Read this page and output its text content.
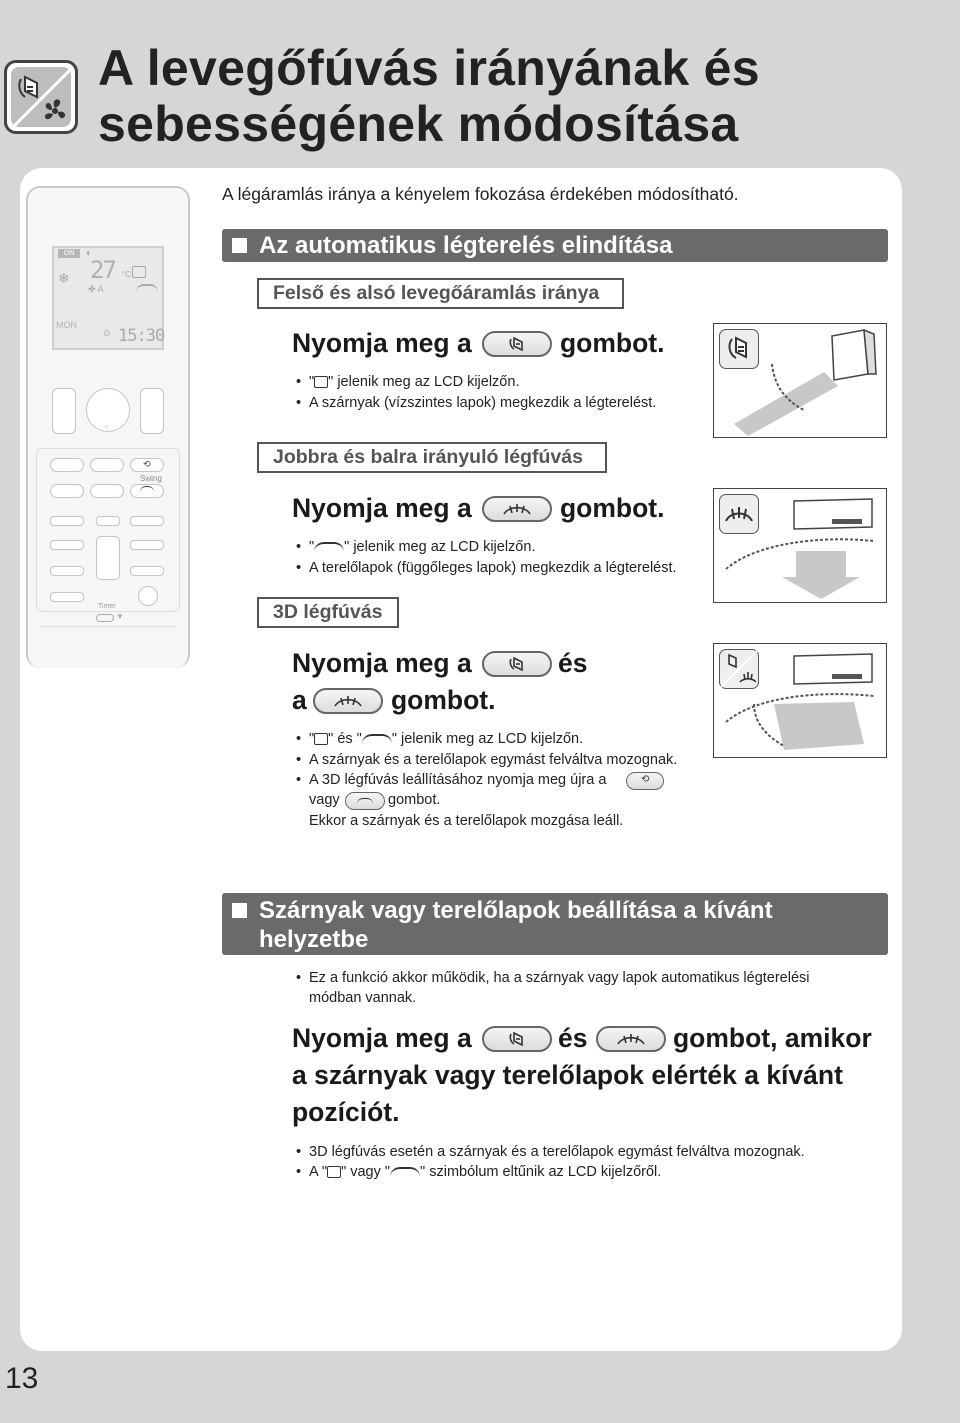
A levegőfúvás irányának és
sebességének módosítása
ON
❄
◐
27 °C
✤ A
MON
⊙ 15:30
○
⟲
Swing
Timer
▼
A légáramlás iránya a kényelem fokozása érdekében módosítható.
Az automatikus légterelés elindítása
Felső és alsó levegőáramlás iránya
Nyomja meg a	gombot.
• " " jelenik meg az LCD kijelzőn.
• A szárnyak (vízszintes lapok) megkezdik a légterelést.
Jobbra és balra irányuló légfúvás
Nyomja meg a	gombot.
• " " jelenik meg az LCD kijelzőn.
• A terelőlapok (függőleges lapok) megkezdik a légterelést.
3D légfúvás
Nyomja meg a	és
a	gombot.
• " " és " " jelenik meg az LCD kijelzőn.
• A szárnyak és a terelőlapok egymást felváltva mozognak.
• A 3D légfúvás leállításához nyomja meg újra a	⟲
vagy	gombot.
Ekkor a szárnyak és a terelőlapok mozgása leáll.
Szárnyak vagy terelőlapok beállítása a kívánt
helyzetbe
• Ez a funkció akkor működik, ha a szárnyak vagy lapok automatikus légterelési
módban vannak.
Nyomja meg a	és	gombot, amikor
a szárnyak vagy terelőlapok elérték a kívánt
pozíciót.
• 3D légfúvás esetén a szárnyak és a terelőlapok egymást felváltva mozognak.
• A " " vagy " " szimbólum eltűnik az LCD kijelzőről.
13
